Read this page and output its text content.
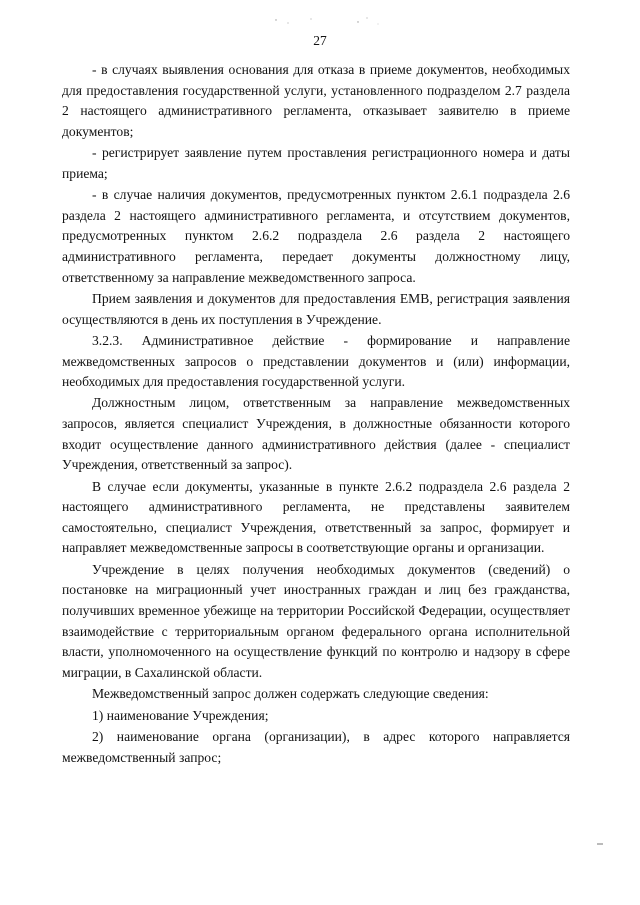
27

- в случаях выявления основания для отказа в приеме документов, необходимых для предоставления государственной услуги, установленного подразделом 2.7 раздела 2 настоящего административного регламента, отказывает заявителю в приеме документов;

- регистрирует заявление путем проставления регистрационного номера и даты приема;

- в случае наличия документов, предусмотренных пунктом 2.6.1 подраздела 2.6 раздела 2 настоящего административного регламента, и отсутствием документов, предусмотренных пунктом 2.6.2 подраздела 2.6 раздела 2 настоящего административного регламента, передает документы должностному лицу, ответственному за направление межведомственного запроса.

Прием заявления и документов для предоставления ЕМВ, регистрация заявления осуществляются в день их поступления в Учреждение.

3.2.3. Административное действие - формирование и направление межведомственных запросов о представлении документов и (или) информации, необходимых для предоставления государственной услуги.

Должностным лицом, ответственным за направление межведомственных запросов, является специалист Учреждения, в должностные обязанности которого входит осуществление данного административного действия (далее - специалист Учреждения, ответственный за запрос).

В случае если документы, указанные в пункте 2.6.2 подраздела 2.6 раздела 2 настоящего административного регламента, не представлены заявителем самостоятельно, специалист Учреждения, ответственный за запрос, формирует и направляет межведомственные запросы в соответствующие органы и организации.

Учреждение в целях получения необходимых документов (сведений) о постановке на миграционный учет иностранных граждан и лиц без гражданства, получивших временное убежище на территории Российской Федерации, осуществляет взаимодействие с территориальным органом федерального органа исполнительной власти, уполномоченного на осуществление функций по контролю и надзору в сфере миграции, в Сахалинской области.

Межведомственный запрос должен содержать следующие сведения:

1) наименование Учреждения;

2) наименование органа (организации), в адрес которого направляется межведомственный запрос;
